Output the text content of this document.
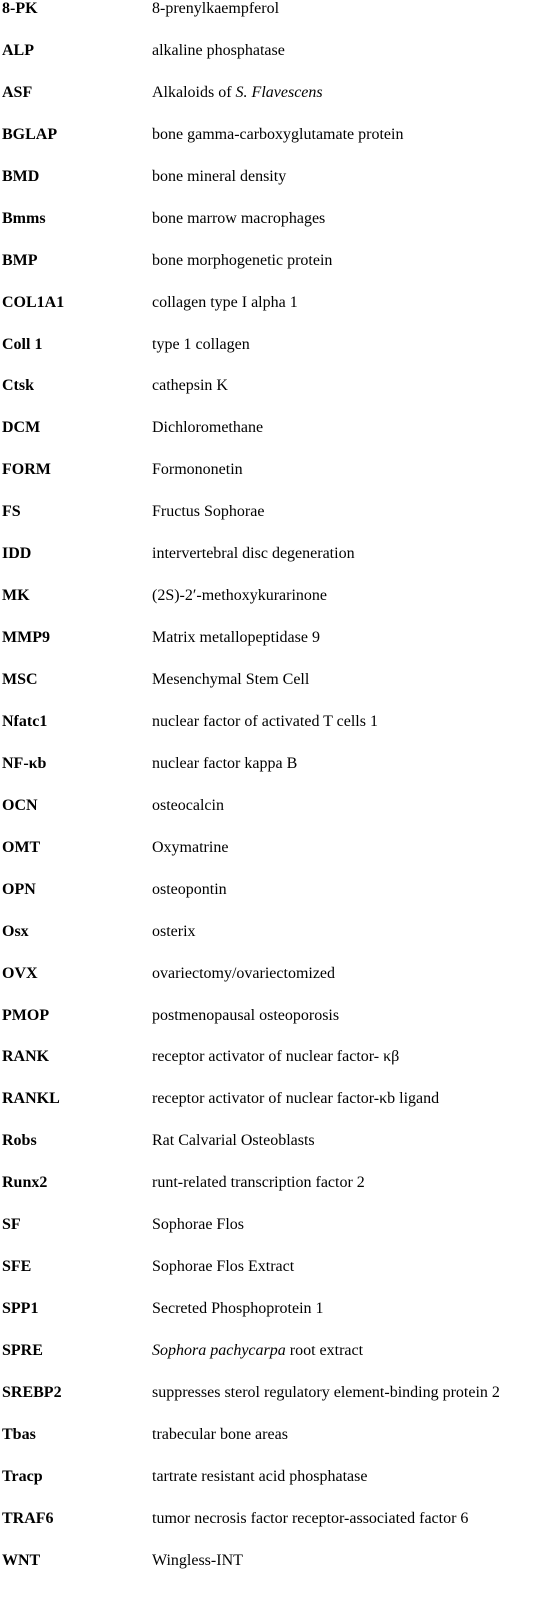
8-PK	8-prenylkaempferol
ALP	alkaline phosphatase
ASF	Alkaloids of S. Flavescens
BGLAP	bone gamma-carboxyglutamate protein
BMD	bone mineral density
Bmms	bone marrow macrophages
BMP	bone morphogenetic protein
COL1A1	collagen type I alpha 1
Coll 1	type 1 collagen
Ctsk	cathepsin K
DCM	Dichloromethane
FORM	Formononetin
FS	Fructus Sophorae
IDD	intervertebral disc degeneration
MK	(2S)-2′-methoxykurarinone
MMP9	Matrix metallopeptidase 9
MSC	Mesenchymal Stem Cell
Nfatc1	nuclear factor of activated T cells 1
NF-κb	nuclear factor kappa B
OCN	osteocalcin
OMT	Oxymatrine
OPN	osteopontin
Osx	osterix
OVX	ovariectomy/ovariectomized
PMOP	postmenopausal osteoporosis
RANK	receptor activator of nuclear factor- κβ
RANKL	receptor activator of nuclear factor-κb ligand
Robs	Rat Calvarial Osteoblasts
Runx2	runt-related transcription factor 2
SF	Sophorae Flos
SFE	Sophorae Flos Extract
SPP1	Secreted Phosphoprotein 1
SPRE	Sophora pachycarpa root extract
SREBP2	suppresses sterol regulatory element-binding protein 2
Tbas	trabecular bone areas
Tracp	tartrate resistant acid phosphatase
TRAF6	tumor necrosis factor receptor-associated factor 6
WNT	Wingless-INT
